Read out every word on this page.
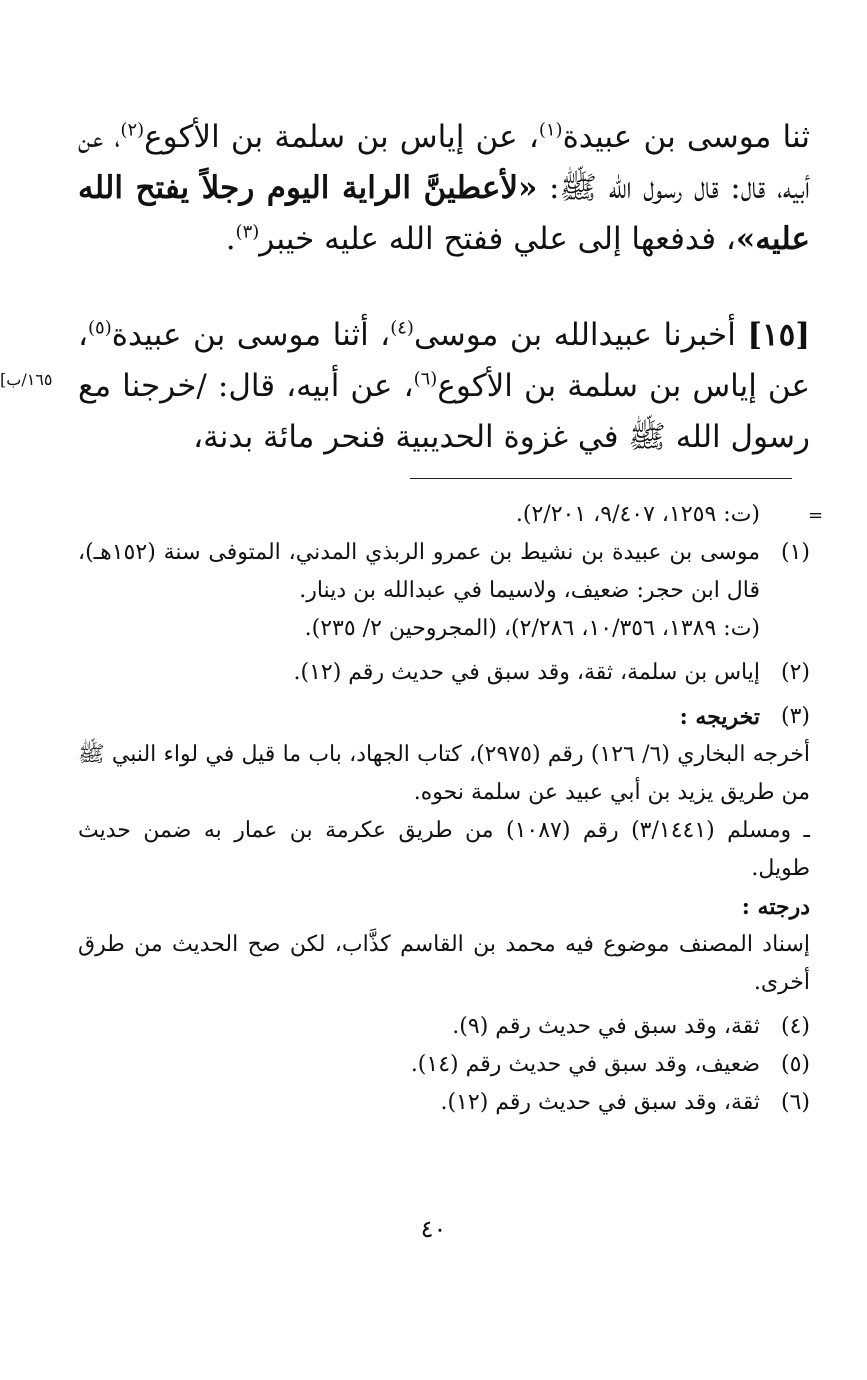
ثنا موسى بن عبيدة$^{(١)}$، عن إياس بن سلمة بن الأكوع$^{(٢)}$، عن أبيه، قال: قال رسول الله ﷺ: «لأعطينَّ الراية اليوم رجلاً يفتح الله عليه»، فدفعها إلى علي ففتح الله عليه خيبر$^{(٣)}$.

[١٥] أخبرنا عبيدالله بن موسى$^{(٤)}$، أثنا موسى بن عبيدة$^{(٥)}$، عن إياس بن سلمة بن الأكوع$^{(٦)}$، عن أبيه، قال: /خرجنا مع رسول الله ﷺ في غزوة الحديبية فنحر مائة بدنة،

[١٦٥/ب
=

(ت: ١٢٥٩، ٩/٤٠٧، ٢/٢٠١).

(١)
موسى بن عبيدة بن نشيط بن عمرو الربذي المدني، المتوفى سنة (١٥٢هـ)، قال ابن حجر: ضعيف، ولاسيما في عبدالله بن دينار.
(ت: ١٣٨٩، ١٠/٣٥٦، ٢/٢٨٦)، (المجروحين ٢/ ٢٣٥).
(٢)
إياس بن سلمة، ثقة، وقد سبق في حديث رقم (١٢).
(٣)
تخريجه :

أخرجه البخاري (٦/ ١٢٦) رقم (٢٩٧٥)، كتاب الجهاد، باب ما قيل في لواء النبي ﷺ من طريق يزيد بن أبي عبيد عن سلمة نحوه.

ـ ومسلم (٣/١٤٤١) رقم (١٠٨٧) من طريق عكرمة بن عمار به ضمن حديث طويل.

درجته :

إسناد المصنف موضوع فيه محمد بن القاسم كذَّاب، لكن صح الحديث من طرق أخرى.

(٤)
ثقة، وقد سبق في حديث رقم (٩).
(٥)
ضعيف، وقد سبق في حديث رقم (١٤).
(٦)
ثقة، وقد سبق في حديث رقم (١٢).
٤٠
